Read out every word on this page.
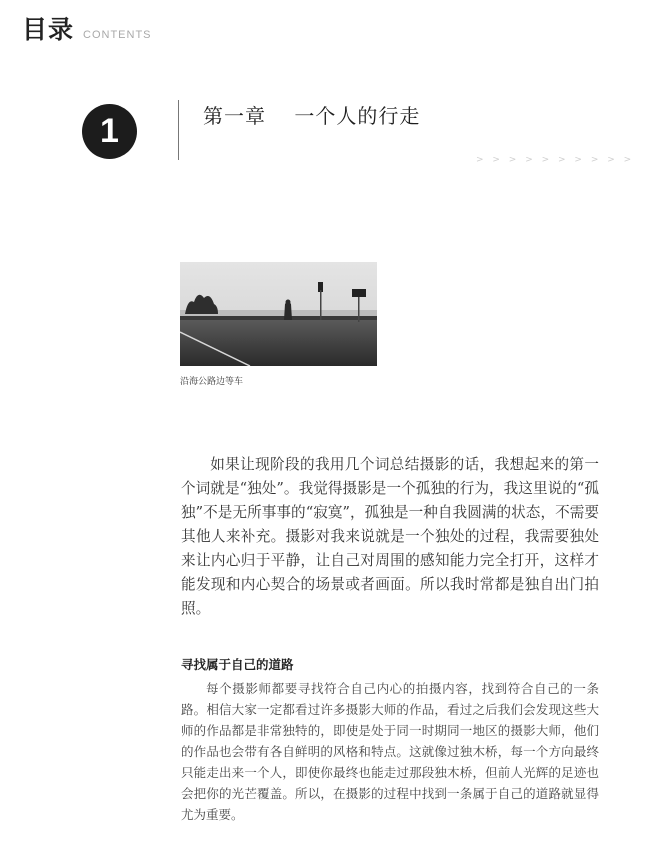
目录 CONTENTS
1	第一章　 一个人的行走
> > > > > > > > > >
沿海公路边等车
如果让现阶段的我用几个词总结摄影的话，我想起来的第一个词就是“独处”。我觉得摄影是一个孤独的行为，我这里说的“孤独”不是无所事事的“寂寞”，孤独是一种自我圆满的状态，不需要其他人来补充。摄影对我来说就是一个独处的过程，我需要独处来让内心归于平静，让自己对周围的感知能力完全打开，这样才能发现和内心契合的场景或者画面。所以我时常都是独自出门拍照。
寻找属于自己的道路
每个摄影师都要寻找符合自己内心的拍摄内容，找到符合自己的一条路。相信大家一定都看过许多摄影大师的作品，看过之后我们会发现这些大师的作品都是非常独特的，即使是处于同一时期同一地区的摄影大师，他们的作品也会带有各自鲜明的风格和特点。这就像过独木桥，每一个方向最终只能走出来一个人，即使你最终也能走过那段独木桥，但前人光辉的足迹也会把你的光芒覆盖。所以，在摄影的过程中找到一条属于自己的道路就显得尤为重要。
